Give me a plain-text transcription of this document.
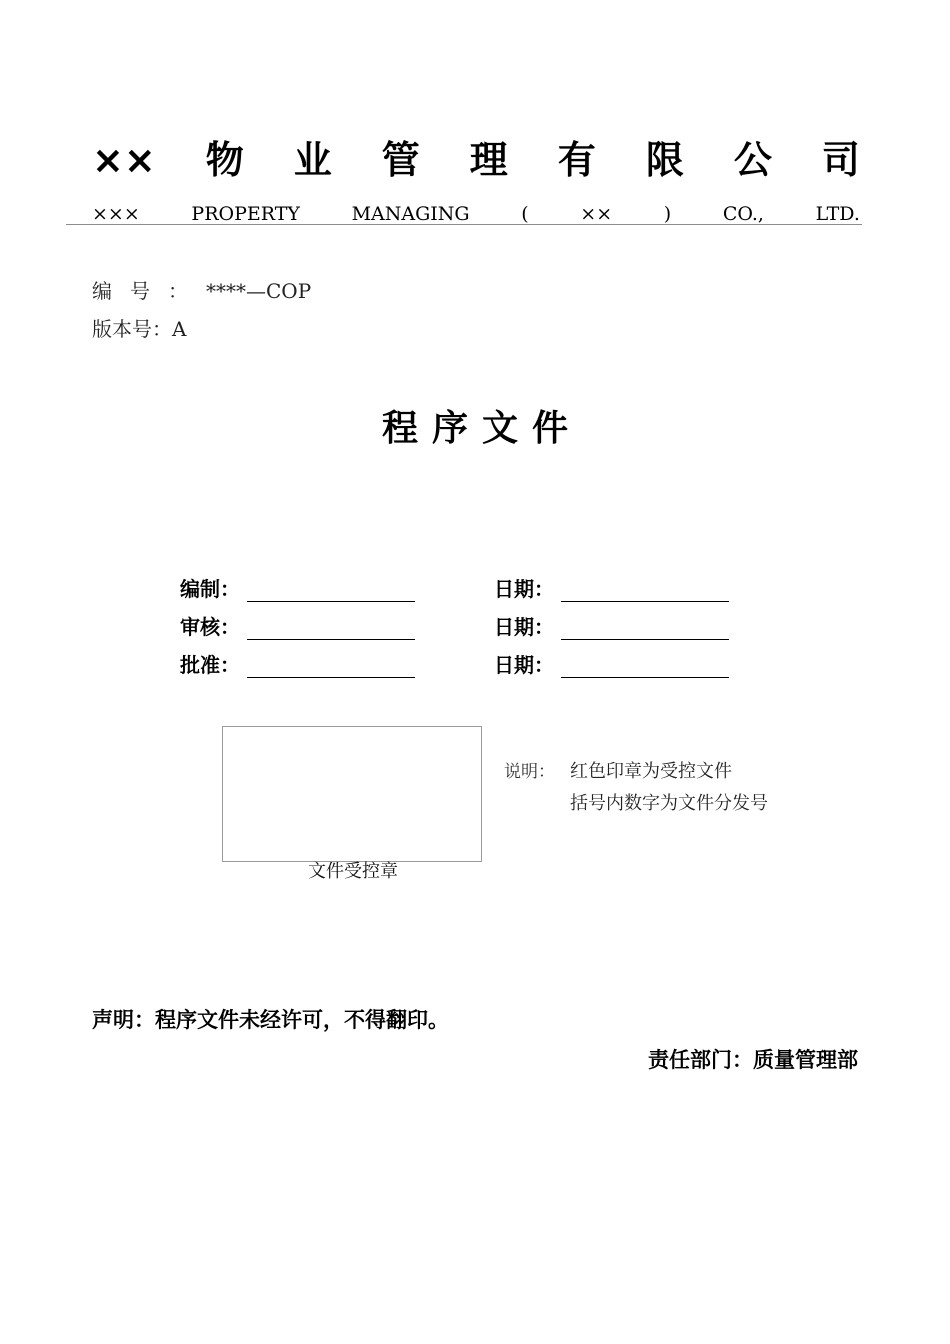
×× 物 业 管 理 有 限 公 司
×××	PROPERTY	MANAGING	(	××	)	CO.,	LTD.
编号：****—COP
版本号：A
程序文件
编制：	日期：
审核：	日期：
批准：	日期：
文件受控章
说明： 红色印章为受控文件
括号内数字为文件分发号
声明：程序文件未经许可，不得翻印。
责任部门：质量管理部
